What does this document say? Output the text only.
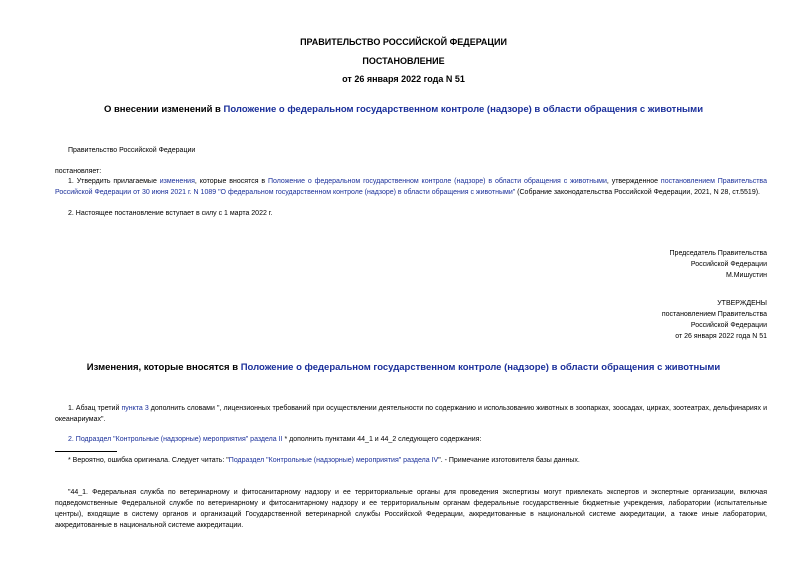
ПРАВИТЕЛЬСТВО РОССИЙСКОЙ ФЕДЕРАЦИИ
ПОСТАНОВЛЕНИЕ
от 26 января 2022 года N 51
О внесении изменений в Положение о федеральном государственном контроле (надзоре) в области обращения с животными
Правительство Российской Федерации
постановляет:
1. Утвердить прилагаемые изменения, которые вносятся в Положение о федеральном государственном контроле (надзоре) в области обращения с животными, утвержденное постановлением Правительства Российской Федерации от 30 июня 2021 г. N 1089 "О федеральном государственном контроле (надзоре) в области обращения с животными" (Собрание законодательства Российской Федерации, 2021, N 28, ст.5519).
2. Настоящее постановление вступает в силу с 1 марта 2022 г.
Председатель Правительства
Российской Федерации
М.Мишустин
УТВЕРЖДЕНЫ
постановлением Правительства
Российской Федерации
от 26 января 2022 года N 51
Изменения, которые вносятся в Положение о федеральном государственном контроле (надзоре) в области обращения с животными
1. Абзац третий пункта 3 дополнить словами ", лицензионных требований при осуществлении деятельности по содержанию и использованию животных в зоопарках, зоосадах, цирках, зоотеатрах, дельфинариях и океанариумах".
2. Подраздел "Контрольные (надзорные) мероприятия" раздела II * дополнить пунктами 44_1 и 44_2 следующего содержания:
* Вероятно, ошибка оригинала. Следует читать: "Подраздел "Контрольные (надзорные) мероприятия" раздела IV". - Примечание изготовителя базы данных.
"44_1. Федеральная служба по ветеринарному и фитосанитарному надзору и ее территориальные органы для проведения экспертизы могут привлекать экспертов и экспертные организации, включая подведомственные Федеральной службе по ветеринарному и фитосанитарному надзору и ее территориальным органам федеральные государственные бюджетные учреждения, лаборатории (испытательные центры), входящие в систему органов и организаций Государственной ветеринарной службы Российской Федерации, аккредитованные в национальной системе аккредитации, а также иные лаборатории, аккредитованные в национальной системе аккредитации.
